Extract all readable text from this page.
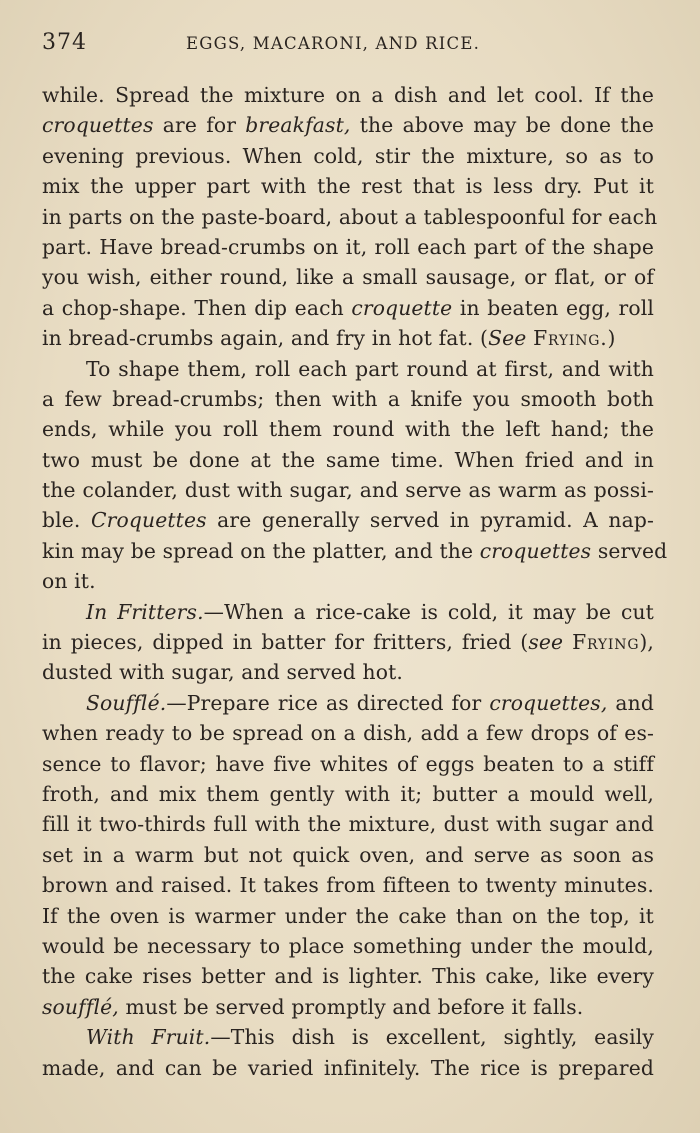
374	EGGS, MACARONI, AND RICE.
while. Spread the mixture on a dish and let cool. If the
croquettes are for breakfast, the above may be done the
evening previous. When cold, stir the mixture, so as to
mix the upper part with the rest that is less dry. Put it
in parts on the paste-board, about a tablespoonful for each
part. Have bread-crumbs on it, roll each part of the shape
you wish, either round, like a small sausage, or flat, or of
a chop-shape. Then dip each croquette in beaten egg, roll
in bread-crumbs again, and fry in hot fat. (See Frying.)
To shape them, roll each part round at first, and with
a few bread-crumbs; then with a knife you smooth both
ends, while you roll them round with the left hand; the
two must be done at the same time. When fried and in
the colander, dust with sugar, and serve as warm as possi-
ble. Croquettes are generally served in pyramid. A nap-
kin may be spread on the platter, and the croquettes served
on it.
In Fritters.—When a rice-cake is cold, it may be cut
in pieces, dipped in batter for fritters, fried (see Frying),
dusted with sugar, and served hot.
Soufflé.—Prepare rice as directed for croquettes, and
when ready to be spread on a dish, add a few drops of es-
sence to flavor; have five whites of eggs beaten to a stiff
froth, and mix them gently with it; butter a mould well,
fill it two-thirds full with the mixture, dust with sugar and
set in a warm but not quick oven, and serve as soon as
brown and raised. It takes from fifteen to twenty minutes.
If the oven is warmer under the cake than on the top, it
would be necessary to place something under the mould,
the cake rises better and is lighter. This cake, like every
soufflé, must be served promptly and before it falls.
With Fruit.—This dish is excellent, sightly, easily
made, and can be varied infinitely. The rice is prepared
